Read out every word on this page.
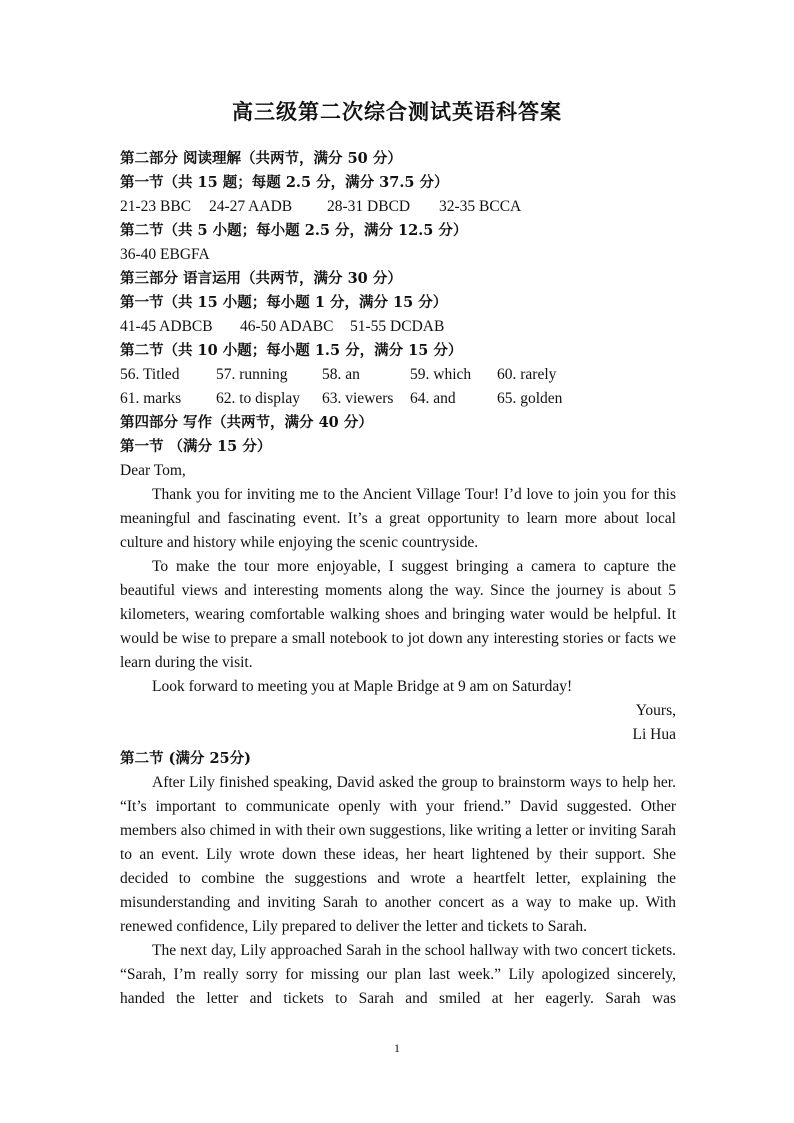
高三级第二次综合测试英语科答案
第二部分 阅读理解（共两节，满分 50 分）
第一节（共 15 题；每题 2.5 分，满分 37.5 分）
21-23 BBC 24-27 AADB 28-31 DBCD 32-35 BCCA
第二节（共 5 小题；每小题 2.5 分，满分 12.5 分）
36-40 EBGFA
第三部分 语言运用（共两节，满分 30 分）
第一节（共 15 小题；每小题 1 分，满分 15 分）
41-45 ADBCB 46-50 ADABC 51-55 DCDAB
第二节（共 10 小题；每小题 1.5 分，满分 15 分）
56. Titled 57. running 58. an	59. which 60. rarely
61. marks 62. to display 63. viewers 64. and	65. golden
第四部分 写作（共两节，满分 40 分）
第一节 （满分 15 分）
Dear Tom,

Thank you for inviting me to the Ancient Village Tour! I’d love to join you for this meaningful and fascinating event. It’s a great opportunity to learn more about local culture and history while enjoying the scenic countryside.

To make the tour more enjoyable, I suggest bringing a camera to capture the beautiful views and interesting moments along the way. Since the journey is about 5 kilometers, wearing comfortable walking shoes and bringing water would be helpful. It would be wise to prepare a small notebook to jot down any interesting stories or facts we learn during the visit.

Look forward to meeting you at Maple Bridge at 9 am on Saturday!

Yours,
Li Hua
第二节 (满分 25分)

After Lily finished speaking, David asked the group to brainstorm ways to help her. “It’s important to communicate openly with your friend.” David suggested. Other members also chimed in with their own suggestions, like writing a letter or inviting Sarah to an event. Lily wrote down these ideas, her heart lightened by their support. She decided to combine the suggestions and wrote a heartfelt letter, explaining the misunderstanding and inviting Sarah to another concert as a way to make up. With renewed confidence, Lily prepared to deliver the letter and tickets to Sarah.

The next day, Lily approached Sarah in the school hallway with two concert tickets. “Sarah, I’m really sorry for missing our plan last week.” Lily apologized sincerely, handed the letter and tickets to Sarah and smiled at her eagerly. Sarah was

1
